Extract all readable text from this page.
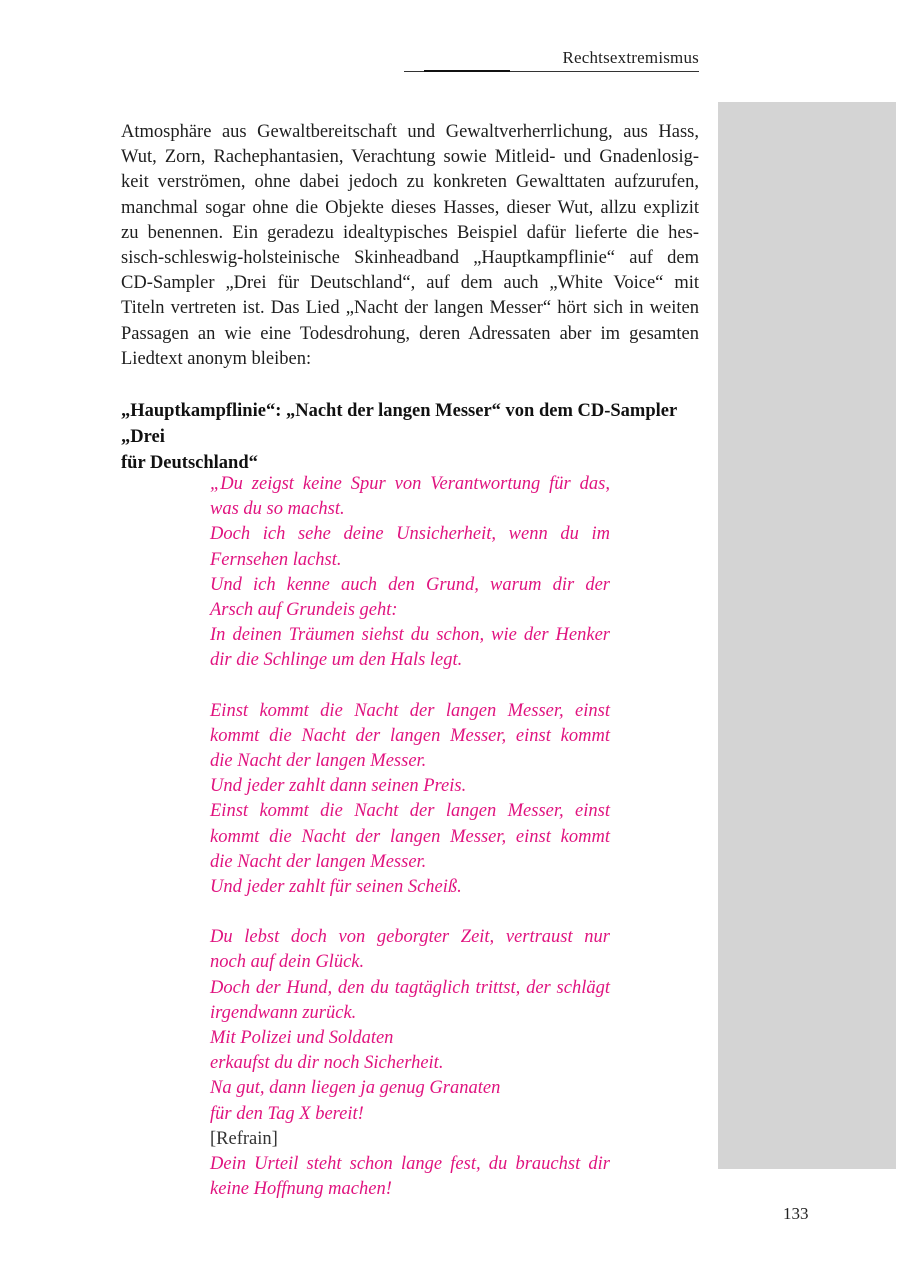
Rechtsextremismus
Atmosphäre aus Gewaltbereitschaft und Gewaltverherrlichung, aus Hass,
Wut, Zorn, Rachephantasien, Verachtung sowie Mitleid- und Gnadenlosig-
keit verströmen, ohne dabei jedoch zu konkreten Gewalttaten aufzurufen,
manchmal sogar ohne die Objekte dieses Hasses, dieser Wut, allzu explizit
zu benennen. Ein geradezu idealtypisches Beispiel dafür lieferte die hes-
sisch-schleswig-holsteinische Skinheadband „Hauptkampflinie“ auf dem
CD-Sampler „Drei für Deutschland“, auf dem auch „White Voice“ mit
Titeln vertreten ist. Das Lied „Nacht der langen Messer“ hört sich in weiten
Passagen an wie eine Todesdrohung, deren Adressaten aber im gesamten
Liedtext anonym bleiben:
„Hauptkampflinie“: „Nacht der langen Messer“ von dem CD-Sampler „Drei
für Deutschland“
„Du zeigst keine Spur von Verantwortung für das,
was du so machst.
Doch ich sehe deine Unsicherheit, wenn du im
Fernsehen lachst.
Und ich kenne auch den Grund, warum dir der
Arsch auf Grundeis geht:
In deinen Träumen siehst du schon, wie der Henker
dir die Schlinge um den Hals legt.
Einst kommt die Nacht der langen Messer, einst
kommt die Nacht der langen Messer, einst kommt
die Nacht der langen Messer.
Und jeder zahlt dann seinen Preis.
Einst kommt die Nacht der langen Messer, einst
kommt die Nacht der langen Messer, einst kommt
die Nacht der langen Messer.
Und jeder zahlt für seinen Scheiß.
Du lebst doch von geborgter Zeit, vertraust nur
noch auf dein Glück.
Doch der Hund, den du tagtäglich trittst, der schlägt
irgendwann zurück.
Mit Polizei und Soldaten
erkaufst du dir noch Sicherheit.
Na gut, dann liegen ja genug Granaten
für den Tag X bereit!
[Refrain]
Dein Urteil steht schon lange fest, du brauchst dir
keine Hoffnung machen!
133
